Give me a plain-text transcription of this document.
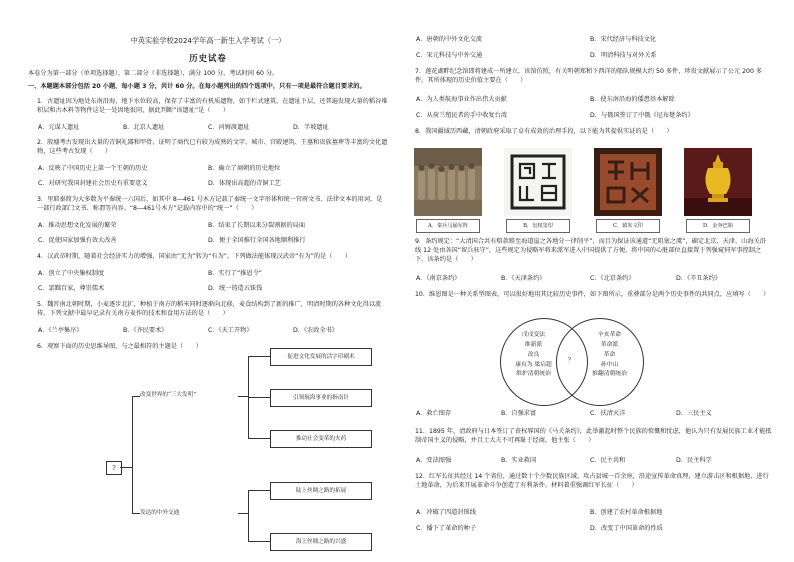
中英实验学校2024学年高一新生入学考试（一）
历史试卷
本卷分为第一部分（单项选择题）、第二部分（非选择题），满分 100 分，考试时间 60 分。
一、本题题本部分包括 20 小题，每小题 3 分，共计 60 分。在每小题列出的四个选项中，只有一项是最符合题目要求的。
1．古遗址因为地处东南沿海，地下水位较高，保存了丰富的有机质遗物，如干栏式建筑，在遗址下层，还普遍发现大量的稻谷堆积层和古木料等物件这是一处因地很同，据此判断“该遗址”是（　　）
A．元谋人遗址	B．北京人遗址	C．河姆渡遗址	D．半坡遗址
2．殷墟考古发现出大量的青铜礼器和甲骨，证明了商代已有较为成熟的文字、城市、宫殿建筑、王墓和贵族墓葬等丰富的文化遗物，这些考古发现（　　）
A．反映了中国历史上第一个王朝的历史	B．确立了商朝的历史地位
C．对研究我国封建社会历史有重要意义	D．体现出高超的青铜工艺
3．里耶秦简为大多数为平秦统一六国后，如其中 8—461 号木方记载了秦统一文字形体和统一官府文书、法律文本的用词，是一部行政部门文书、称谓等内容。“8—461号木方”记载内容中的“统一”（　　）
A．推动思想文化发展的繁荣	B．结束了长期以来分裂割据的局面
C．促使国家加强有效大改善	D．便于全国推行全国各地顺利推行
4．汉武帝时期，随着社会经济实力的增强，国家由“无为”转为“有为”。下列做法能体现汉武帝“有为”的是（　　）
A．创立了中央集权制度	B．实行了“推恩令”
C．罢黜百家，尊崇儒术	D．统一铸造五铢钱
5．魏晋南北朝时期，小麦逐步北扩，种植于南方的稻米同时逐渐向北移，麦食结构到了新的推广，明清时期的各种文化得以流传，下列文献中最早记录有关南方麦作的技术和食用方法的是（　　）
A．《兰亭集序》	B．《齐民要术》	C．《天工开物》	D．《农政全书》
6．观察下面的历史思维导图，与之最相符的主题是（　　）
?
改变世界的“三大发明”
发达的中外交通
促进文化发展的活字印刷术
引领航海事业的指南针
推动社会变革的火药
陆上丝绸之路的拓展
海上丝绸之路的兴盛
A．唐朝的中外文化交流	B．宋代经济与科技文化
C．宋元科技与中外交通	D．明清科技与对外关系
7．莲花湖畔纪念馆即将建成一所建立，该馆仿照，有关明朝郑和下西洋的船队规模大约 50 多件，珍贵文献展示了公元 200 多件。其所体现的历史价值主要在（　　）
A．为人类航海事业作出伟大贡献	B．使东南沿海的倭患基本解除
C．从荷兰殖民者的手中收复台湾	D．与俄国签订了中俄《尼布楚条约》
8．我国疆域历西藏，清朝政府采取了卓有成效的治理手段，以下能为其提供实证的是（　　）
A．秦兵马俑军阵	B．皇权玺印	C．镇朱文印	D．金奔巴瓶
9．条约规定：“大清国合共有赔款赔至海道崖之各地分一律削平”，而且为保证该通道“无阻塞之虞”，确定北京、天津、山海关沿线 12 处由各国“留兵驻守”，这些规定为侵略军将来派军进入中国提供了方便，将中国的心脏部位直接置于列强窥伺军事控制之下，该条约是（　　）
A．《南京条约》	B．《天津条约》	C．《北京条约》	D．《辛丑条约》
10．维恩图是一种关系型图表，可以很好地用其比较历史事件，如下图所示，重叠部分是两个历史事件的共同点，应填写（　　）
戊戌变法
维新派
改良
康有为 梁启超
维护清朝统治
辛亥革命
革命派
革命
孙中山
推翻清朝统治
？
A．救亡图存	B．自强求富	C．扶清灭洋	D．三民主义
11．1895 年，清政府与日本签订了丧权辱国的《马关条约》，此举激起时整个民族的愤慨和忧虑，他认为只有发展民族工业才能抵制帝国主义的侵略，并且士大夫不可再耻于经商，他主张（　　）
A．变法图强	B．实业救国	C．民主共和	D．民主科学
12．红军长征共经过 14 个省份，通过数十个少数民族区域，攻占县城一百余座，沿途宣传革命真理，建立游击区和根据地，进行土地革命，为后来开展革命斗争创造了有利条件。材料着重强调红军长征（　　）
A．冲破了四道封锁线	B．创建了农村革命根据地
C．播下了革命的种子	D．改变了中国革命的性质
